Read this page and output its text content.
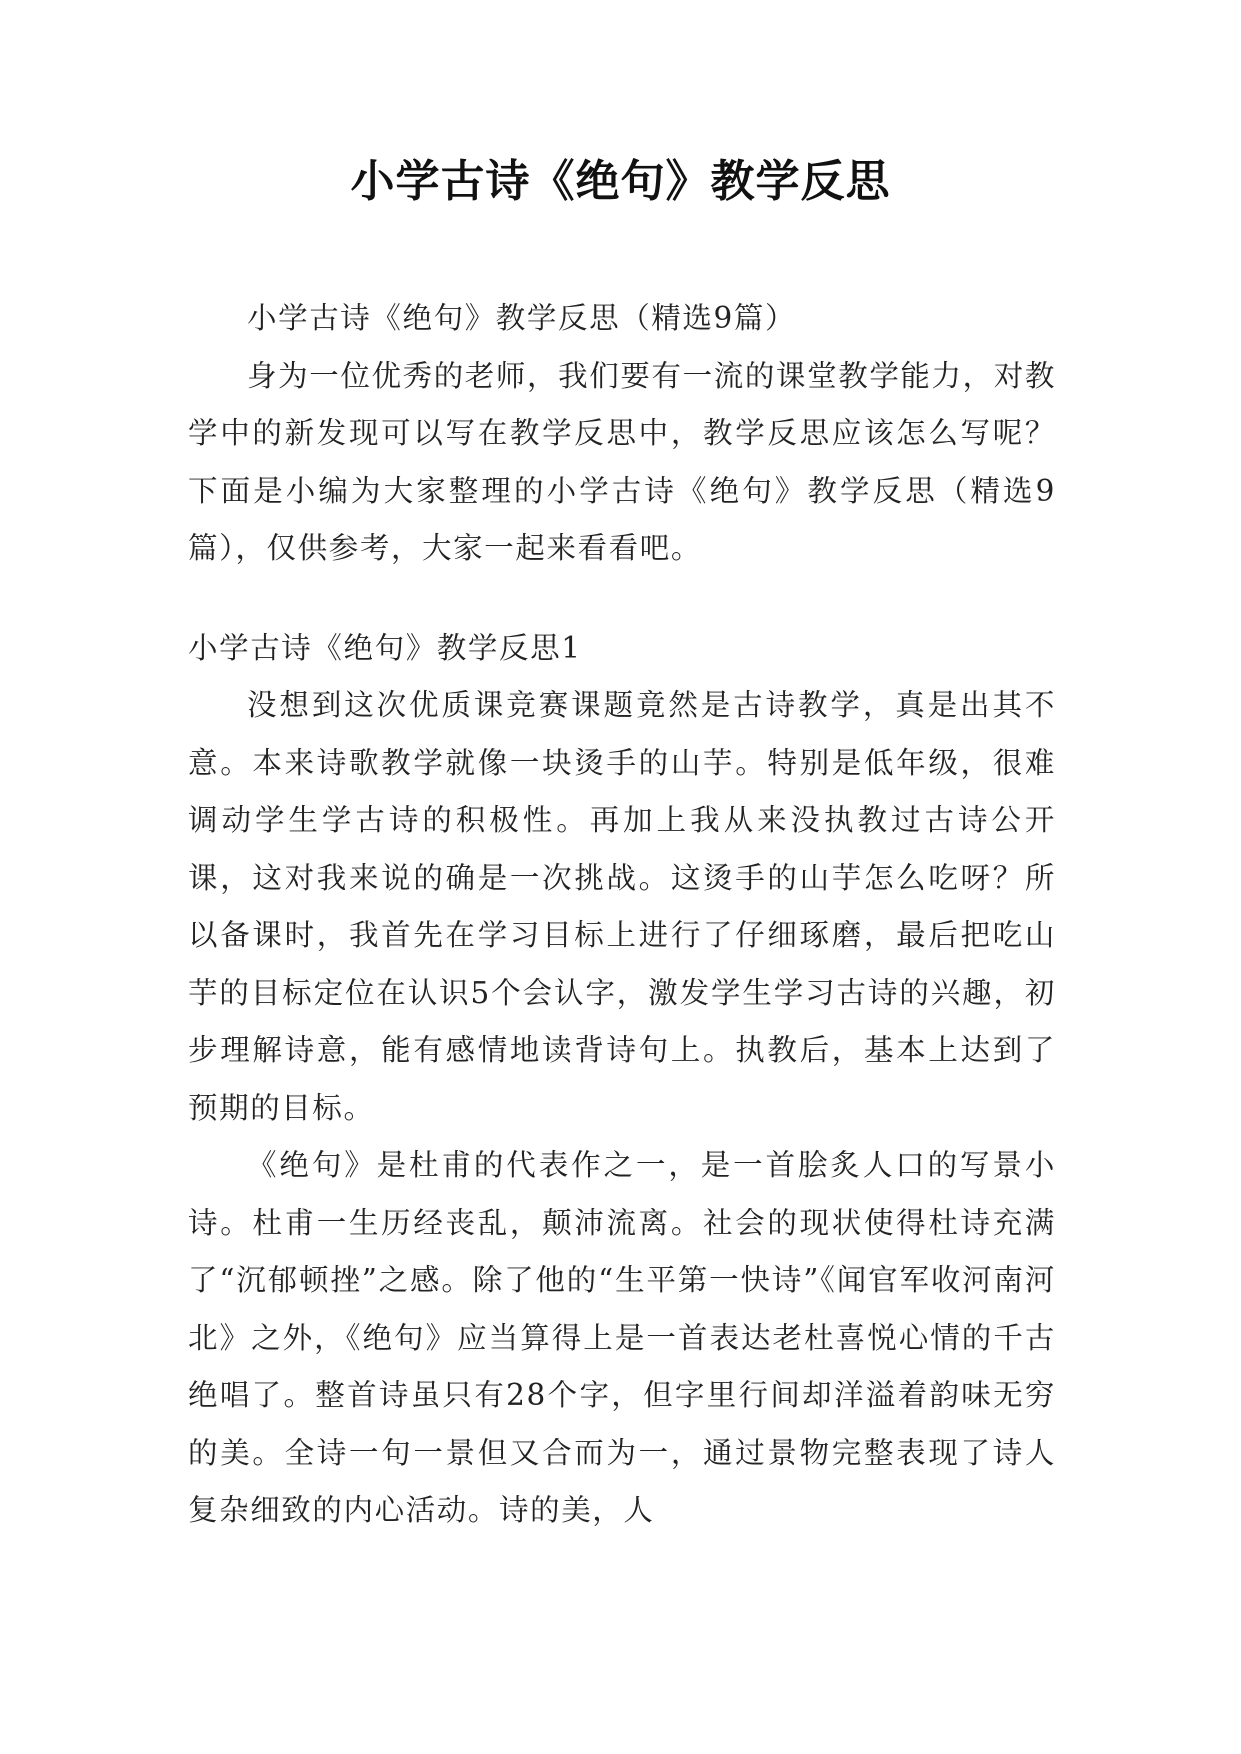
小学古诗《绝句》教学反思

小学古诗《绝句》教学反思（精选9篇）

身为一位优秀的老师，我们要有一流的课堂教学能力，对教学中的新发现可以写在教学反思中，教学反思应该怎么写呢？下面是小编为大家整理的小学古诗《绝句》教学反思（精选9篇），仅供参考，大家一起来看看吧。

小学古诗《绝句》教学反思1

没想到这次优质课竞赛课题竟然是古诗教学，真是出其不意。本来诗歌教学就像一块烫手的山芋。特别是低年级，很难调动学生学古诗的积极性。再加上我从来没执教过古诗公开课，这对我来说的确是一次挑战。这烫手的山芋怎么吃呀？所以备课时，我首先在学习目标上进行了仔细琢磨，最后把吃山芋的目标定位在认识5个会认字，激发学生学习古诗的兴趣，初步理解诗意，能有感情地读背诗句上。执教后，基本上达到了预期的目标。

《绝句》是杜甫的代表作之一，是一首脍炙人口的写景小诗。杜甫一生历经丧乱，颠沛流离。社会的现状使得杜诗充满了“沉郁顿挫”之感。除了他的“生平第一快诗”《闻官军收河南河北》之外，《绝句》应当算得上是一首表达老杜喜悦心情的千古绝唱了。整首诗虽只有28个字，但字里行间却洋溢着韵味无穷的美。全诗一句一景但又合而为一，通过景物完整表现了诗人复杂细致的内心活动。诗的美，人
